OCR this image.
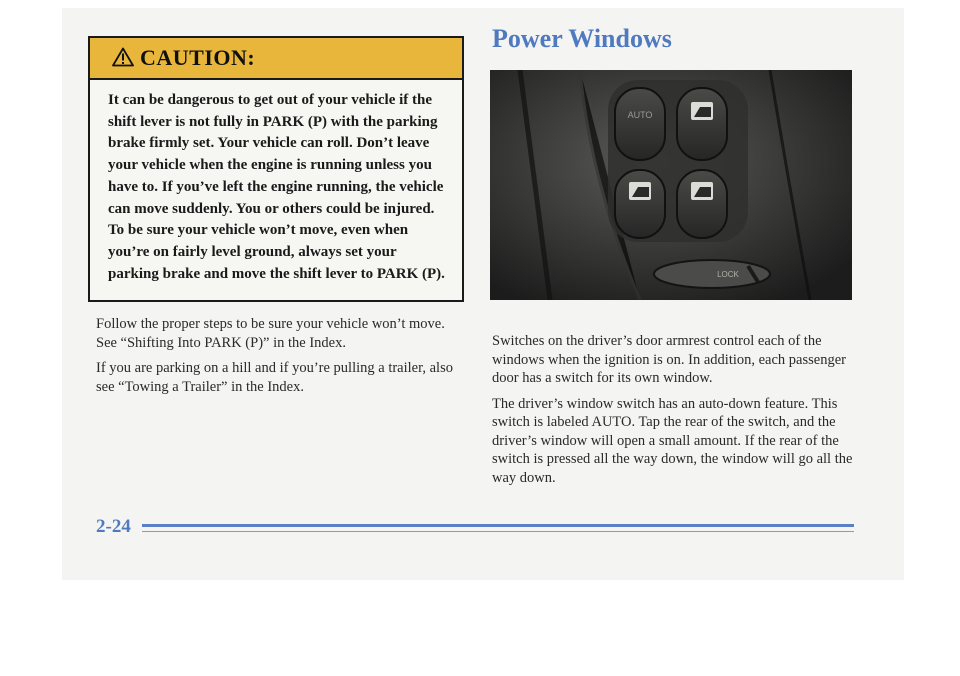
CAUTION:

It can be dangerous to get out of your vehicle if the shift lever is not fully in PARK (P) with the parking brake firmly set. Your vehicle can roll. Don’t leave your vehicle when the engine is running unless you have to. If you’ve left the engine running, the vehicle can move suddenly. You or others could be injured. To be sure your vehicle won’t move, even when you’re on fairly level ground, always set your parking brake and move the shift lever to PARK (P).

Follow the proper steps to be sure your vehicle won’t move. See “Shifting Into PARK (P)” in the Index.

If you are parking on a hill and if you’re pulling a trailer, also see “Towing a Trailer” in the Index.

Power Windows
AUTO
LOCK

Switches on the driver’s door armrest control each of the windows when the ignition is on. In addition, each passenger door has a switch for its own window.

The driver’s window switch has an auto-down feature. This switch is labeled AUTO. Tap the rear of the switch, and the driver’s window will open a small amount. If the rear of the switch is pressed all the way down, the window will go all the way down.

2-24
